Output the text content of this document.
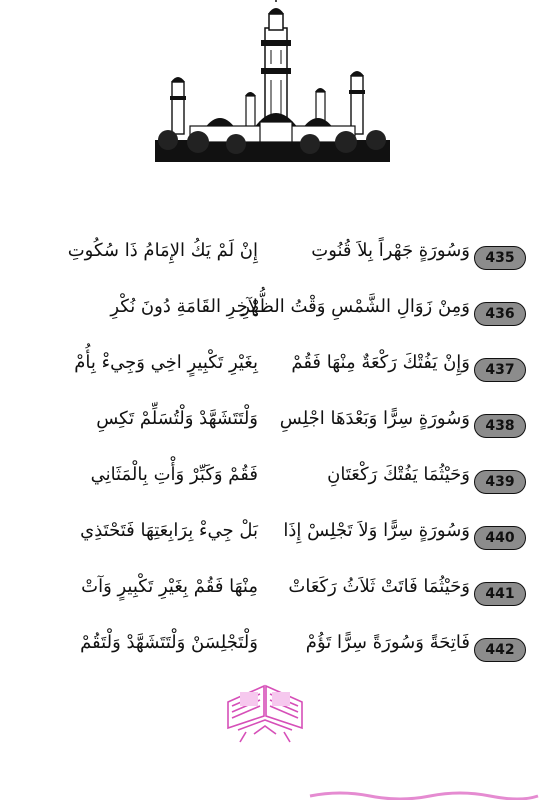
435
وَسُورَةٍ جَهْراً بِلاَ قُنُوتِ
إِنْ لَمْ يَكُ الإِمَامُ ذَا سُكُوتِ
436
وَمِنْ زَوَالِ الشَّمْسِ وَقْتُ الظُّهْرِ
لِآخِرِ القَامَةِ دُونَ نُكْرِ
437
وَإِنْ يَفُتْكَ رَكْعَةٌ مِنْهَا فَقُمْ
بِغَيْرِ تَكْبِيرٍ اخِي وَجِيءْ بِأُمْ
438
وَسُورَةٍ سِرًّا وَبَعْدَهَا اجْلِسِ
وَلْتَتَشَهَّدْ وَلْتُسَلِّمْ تَكِسِ
439
وَحَيْثُمَا يَفُتْكَ رَكْعَتَانِ
فَقُمْ وَكَبِّرْ وَأْتِ بِالْمَثَانِي
440
وَسُورَةٍ سِرًّا وَلاَ تَجْلِسْ إِذَا
بَلْ جِيءْ بِرَابِعَتِهَا فَتَحْتَذِي
441
وَحَيْثُمَا فَاتَتْ ثَلاَثُ رَكَعَاتْ
مِنْهَا فَقُمْ بِغَيْرِ تَكْبِيرٍ وَآتْ
442
فَاتِحَةً وَسُورَةً سِرًّا تَؤُمْ
وَلْتَجْلِسَنْ وَلْتَتَشَهَّدْ وَلْتَقُمْ
